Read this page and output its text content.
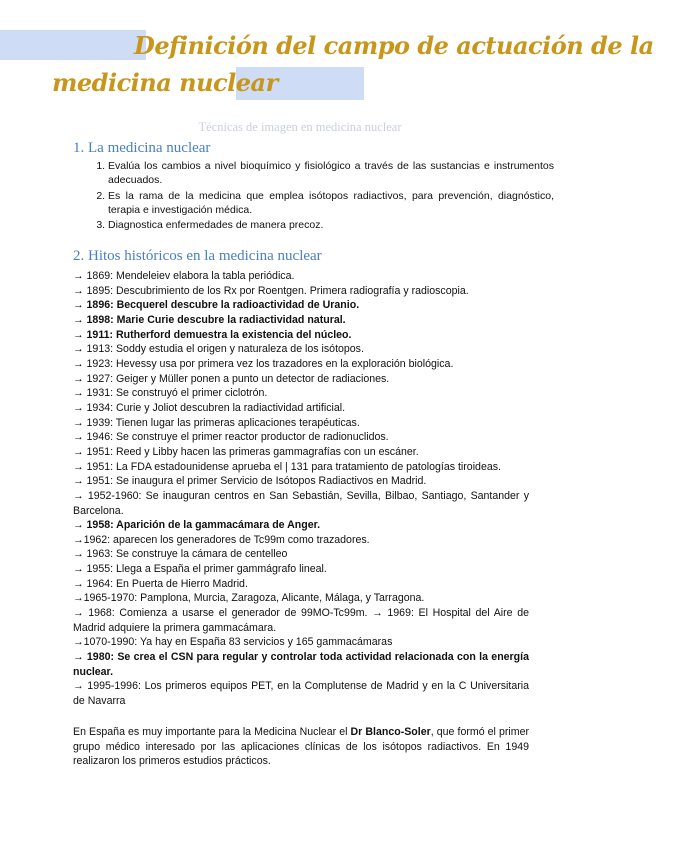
Definición del campo de actuación de la
medicina nuclear
Técnicas de imagen en medicina nuclear
1. La medicina nuclear
1. Evalúa los cambios a nivel bioquímico y fisiológico a través de las sustancias e instrumentos adecuados.
2. Es la rama de la medicina que emplea isótopos radiactivos, para prevención, diagnóstico, terapia e investigación médica.
3. Diagnostica enfermedades de manera precoz.
2. Hitos históricos en la medicina nuclear
→ 1869: Mendeleiev elabora la tabla periódica.
→ 1895: Descubrimiento de los Rx por Roentgen. Primera radiografía y radioscopia.
→ 1896: Becquerel descubre la radioactividad de Uranio.
→ 1898: Marie Curie descubre la radiactividad natural.
→ 1911: Rutherford demuestra la existencia del núcleo.
→ 1913: Soddy estudia el origen y naturaleza de los isótopos.
→ 1923: Hevessy usa por primera vez los trazadores en la exploración biológica.
→ 1927: Geiger y Müller ponen a punto un detector de radiaciones.
→ 1931: Se construyó el primer ciclotrón.
→ 1934: Curie y Joliot descubren la radiactividad artificial.
→ 1939: Tienen lugar las primeras aplicaciones terapéuticas.
→ 1946: Se construye el primer reactor productor de radionuclidos.
→ 1951: Reed y Libby hacen las primeras gammagrafías con un escáner.
→ 1951: La FDA estadounidense aprueba el | 131 para tratamiento de patologías tiroideas.
→ 1951: Se inaugura el primer Servicio de Isótopos Radiactivos en Madrid.
→ 1952-1960: Se inauguran centros en San Sebastián, Sevilla, Bilbao, Santiago, Santander y Barcelona.
→ 1958: Aparición de la gammacámara de Anger.
→1962: aparecen los generadores de Tc99m como trazadores.
→ 1963: Se construye la cámara de centelleo
→ 1955: Llega a España el primer gammágrafo lineal.
→ 1964: En Puerta de Hierro Madrid.
→1965-1970: Pamplona, Murcia, Zaragoza, Alicante, Málaga, y Tarragona.
→ 1968: Comienza a usarse el generador de 99MO-Tc99m. → 1969: El Hospital del Aire de Madrid adquiere la primera gammacámara.
→1070-1990: Ya hay en España 83 servicios y 165 gammacámaras
→ 1980: Se crea el CSN para regular y controlar toda actividad relacionada con la energía nuclear.
→ 1995-1996: Los primeros equipos PET, en la Complutense de Madrid y en la C Universitaria de Navarra
En España es muy importante para la Medicina Nuclear el Dr Blanco-Soler, que formó el primer grupo médico interesado por las aplicaciones clínicas de los isótopos radiactivos. En 1949 realizaron los primeros estudios prácticos.
